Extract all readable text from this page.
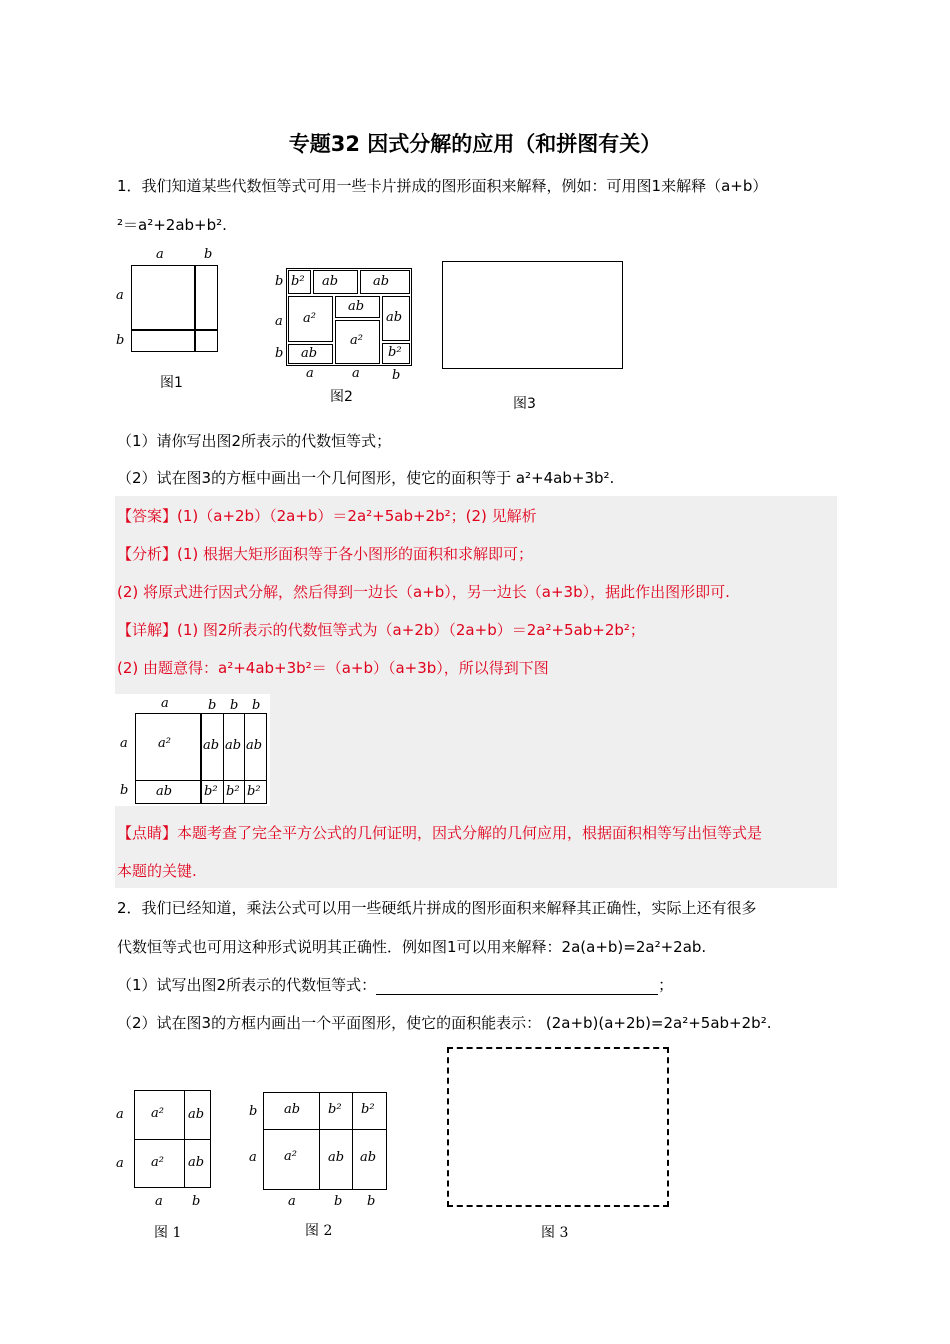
专题32 因式分解的应用（和拼图有关）
1．我们知道某些代数恒等式可用一些卡片拼成的图形面积来解释，例如：可用图1来解释（a+b）
²＝a²+2ab+b².
a	b
a
b
图1
b² ab	ab
a²
ab
a²
ab
ab	b²
b
a
b
a	a b
图2	图3
（1）请你写出图2所表示的代数恒等式；
（2）试在图3的方框中画出一个几何图形，使它的面积等于 a²+4ab+3b².
【答案】(1)（a+2b）（2a+b）＝2a²+5ab+2b²；(2) 见解析
【分析】(1) 根据大矩形面积等于各小图形的面积和求解即可；
(2) 将原式进行因式分解，然后得到一边长（a+b），另一边长（a+3b），据此作出图形即可.
【详解】(1) 图2所表示的代数恒等式为（a+2b）（2a+b）＝2a²+5ab+2b²；
(2) 由题意得：a²+4ab+3b²＝（a+b）（a+3b），所以得到下图
a	b b b
a
b
a² ab ab ab
ab b² b² b²
【点睛】本题考查了完全平方公式的几何证明，因式分解的几何应用，根据面积相等写出恒等式是
本题的关键.
2．我们已经知道，乘法公式可以用一些硬纸片拼成的图形面积来解释其正确性，实际上还有很多
代数恒等式也可用这种形式说明其正确性．例如图1可以用来解释：2a(a+b)=2a²+2ab.
（1）试写出图2所表示的代数恒等式：	；
（2）试在图3的方框内画出一个平面图形，使它的面积能表示： (2a+b)(a+2b)=2a²+5ab+2b².
a
a
a² ab
a² ab
a b
图 1
b
a
ab b² b²
a² ab ab
a	b b
图 2	图 3
